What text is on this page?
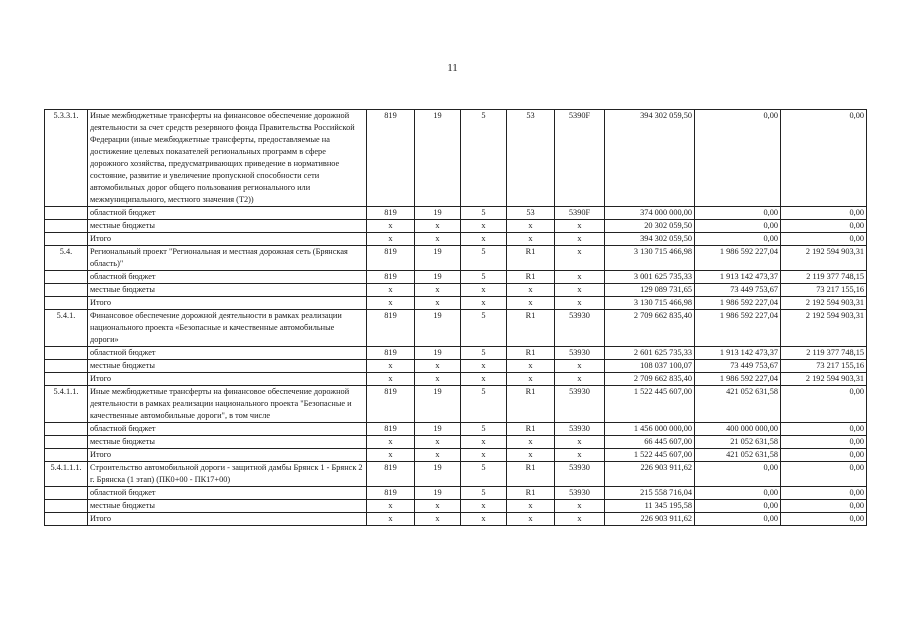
11
5.3.3.1.	Иные межбюджетные трансферты на финансовое обеспечение дорожной деятельности за счет средств резервного фонда Правительства Российской Федерации (иные межбюджетные трансферты, предоставляемые на достижение целевых показателей региональных программ в сфере дорожного хозяйства, предусматривающих приведение в нормативное состояние, развитие и увеличение пропускной способности сети автомобильных дорог общего пользования регионального или межмуниципального, местного значения (Т2))	819	19	5	53	5390F	394 302 059,50	0,00	0,00
	областной бюджет	819	19	5	53	5390F	374 000 000,00	0,00	0,00
	местные бюджеты	х	х	х	х	х	20 302 059,50	0,00	0,00
	Итого	х	х	х	х	х	394 302 059,50	0,00	0,00
5.4.	Региональный проект "Региональная и местная дорожная сеть (Брянская область)"	819	19	5	R1	х	3 130 715 466,98	1 986 592 227,04	2 192 594 903,31
	областной бюджет	819	19	5	R1	х	3 001 625 735,33	1 913 142 473,37	2 119 377 748,15
	местные бюджеты	х	х	х	х	х	129 089 731,65	73 449 753,67	73 217 155,16
	Итого	х	х	х	х	х	3 130 715 466,98	1 986 592 227,04	2 192 594 903,31
5.4.1.	Финансовое обеспечение дорожной деятельности в рамках реализации национального проекта «Безопасные и качественные автомобильные дороги»	819	19	5	R1	53930	2 709 662 835,40	1 986 592 227,04	2 192 594 903,31
	областной бюджет	819	19	5	R1	53930	2 601 625 735,33	1 913 142 473,37	2 119 377 748,15
	местные бюджеты	х	х	х	х	х	108 037 100,07	73 449 753,67	73 217 155,16
	Итого	х	х	х	х	х	2 709 662 835,40	1 986 592 227,04	2 192 594 903,31
5.4.1.1.	Иные межбюджетные трансферты на финансовое обеспечение дорожной деятельности в рамках реализации национального проекта "Безопасные и качественные автомобильные дороги", в том числе	819	19	5	R1	53930	1 522 445 607,00	421 052 631,58	0,00
	областной бюджет	819	19	5	R1	53930	1 456 000 000,00	400 000 000,00	0,00
	местные бюджеты	х	х	х	х	х	66 445 607,00	21 052 631,58	0,00
	Итого	х	х	х	х	х	1 522 445 607,00	421 052 631,58	0,00
5.4.1.1.1.	Строительство автомобильной дороги - защитной дамбы Брянск 1 - Брянск 2 г. Брянска (1 этап) (ПК0+00 - ПК17+00)	819	19	5	R1	53930	226 903 911,62	0,00	0,00
	областной бюджет	819	19	5	R1	53930	215 558 716,04	0,00	0,00
	местные бюджеты	х	х	х	х	х	11 345 195,58	0,00	0,00
	Итого	х	х	х	х	х	226 903 911,62	0,00	0,00
